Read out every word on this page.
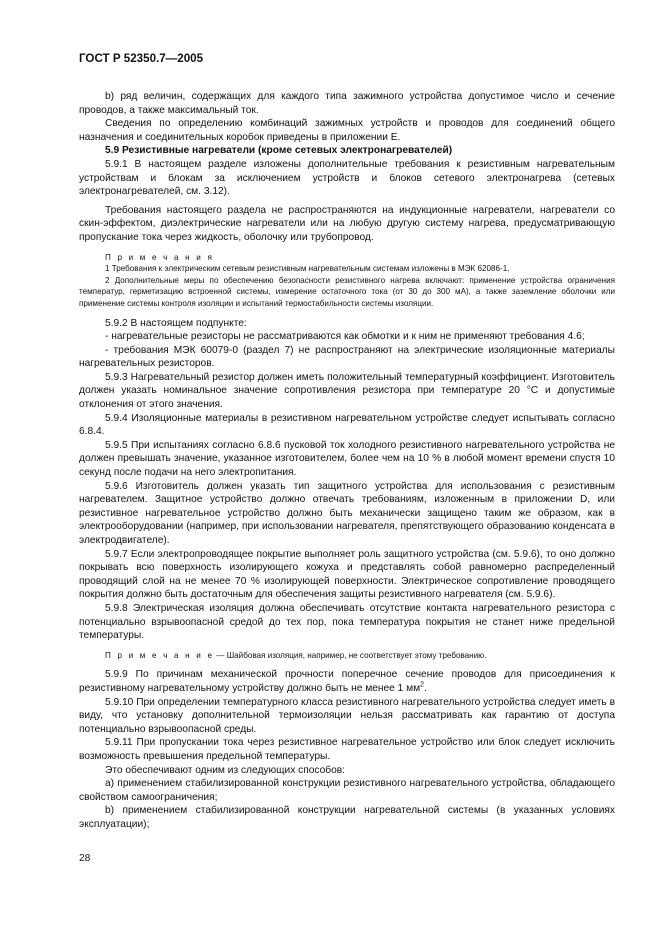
ГОСТ Р 52350.7—2005

b) ряд величин, содержащих для каждого типа зажимного устройства допустимое число и сечение проводов, а также максимальный ток.

Сведения по определению комбинаций зажимных устройств и проводов для соединений общего назначения и соединительных коробок приведены в приложении Е.

5.9 Резистивные нагреватели (кроме сетевых электронагревателей)

5.9.1 В настоящем разделе изложены дополнительные требования к резистивным нагревательным устройствам и блокам за исключением устройств и блоков сетевого электронагрева (сетевых электронагревателей, см. 3.12).

Требования настоящего раздела не распространяются на индукционные нагреватели, нагреватели со скин-эффектом, диэлектрические нагреватели или на любую другую систему нагрева, предусматривающую пропускание тока через жидкость, оболочку или трубопровод.

П р и м е ч а н и я
1 Требования к электрическим сетевым резистивным нагревательным системам изложены в МЭК 62086-1.
2 Дополнительные меры по обеспечению безопасности резистивного нагрева включают: применение устройства ограничения температур, герметизацию встроенной системы, измерение остаточного тока (от 30 до 300 мА), а также заземление оболочки или применение системы контроля изоляции и испытаний термостабильности системы изоляции.

5.9.2 В настоящем подпункте:

- нагревательные резисторы не рассматриваются как обмотки и к ним не применяют требования 4.6;

- требования МЭК 60079-0 (раздел 7) не распространяют на электрические изоляционные материалы нагревательных резисторов.

5.9.3 Нагревательный резистор должен иметь положительный температурный коэффициент. Изготовитель должен указать номинальное значение сопротивления резистора при температуре 20 °С и допустимые отклонения от этого значения.

5.9.4 Изоляционные материалы в резистивном нагревательном устройстве следует испытывать согласно 6.8.4.

5.9.5 При испытаниях согласно 6.8.6 пусковой ток холодного резистивного нагревательного устройства не должен превышать значение, указанное изготовителем, более чем на 10 % в любой момент времени спустя 10 секунд после подачи на него электропитания.

5.9.6 Изготовитель должен указать тип защитного устройства для использования с резистивным нагревателем. Защитное устройство должно отвечать требованиям, изложенным в приложении D, или резистивное нагревательное устройство должно быть механически защищено таким же образом, как в электрооборудовании (например, при использовании нагревателя, препятствующего образованию конденсата в электродвигателе).

5.9.7 Если электропроводящее покрытие выполняет роль защитного устройства (см. 5.9.6), то оно должно покрывать всю поверхность изолирующего кожуха и представлять собой равномерно распределенный проводящий слой на не менее 70 % изолирующей поверхности. Электрическое сопротивление проводящего покрытия должно быть достаточным для обеспечения защиты резистивного нагревателя (см. 5.9.6).

5.9.8 Электрическая изоляция должна обеспечивать отсутствие контакта нагревательного резистора с потенциально взрывоопасной средой до тех пор, пока температура покрытия не станет ниже предельной температуры.

П р и м е ч а н и е — Шайбовая изоляция, например, не соответствует этому требованию.

5.9.9 По причинам механической прочности поперечное сечение проводов для присоединения к резистивному нагревательному устройству должно быть не менее 1 $мм^2$.

5.9.10 При определении температурного класса резистивного нагревательного устройства следует иметь в виду, что установку дополнительной термоизоляции нельзя рассматривать как гарантию от доступа потенциально взрывоопасной среды.

5.9.11 При пропускании тока через резистивное нагревательное устройство или блок следует исключить возможность превышения предельной температуры.

Это обеспечивают одним из следующих способов:

а) применением стабилизированной конструкции резистивного нагревательного устройства, обладающего свойством самоограничения;

b) применением стабилизированной конструкции нагревательной системы (в указанных условиях эксплуатации);

28
